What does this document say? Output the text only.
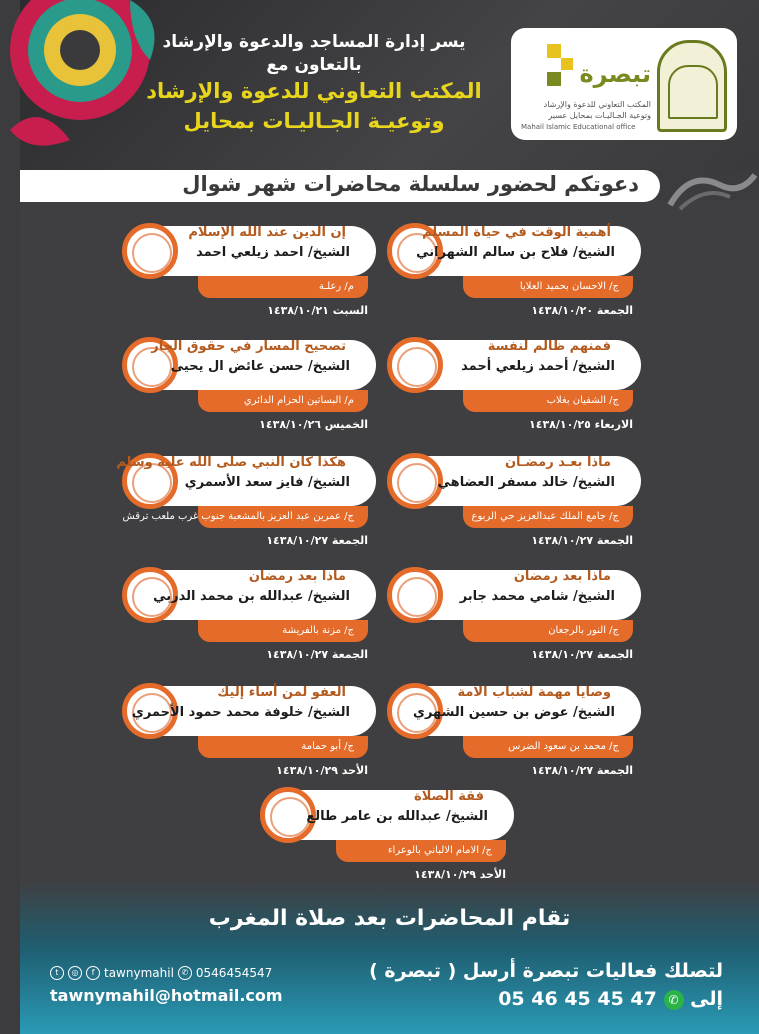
يسر إدارة المساجد والدعوة والإرشاد
بالتعاون مع
المكتب التعاوني للدعوة والإرشاد
وتوعيـة الجـاليـات بمحايل
تبصرة
المكتب التعاوني للدعوة والإرشاد
وتوعية الجـاليـات بمحايل عسير
Mahail Islamic Educational office
دعوتكم لحضور سلسلة محاضرات شهر شوال
ج/ الاحسان بحميد العلايا
أهمية الوقت في حياة المسلم
الشيخ/ فلاح بن سالم الشهراني
الجمعة ١٤٣٨/١٠/٢٠
م/ رعلـة
إن الدين عند الله الإسلام
الشيخ/ احمد زيلعي احمد
السبت ١٤٣٨/١٠/٢١
ج/ الشفيان بغلاب
فمنهم ظالم لنفسة
الشيخ/ أحمد زيلعي أحمد
الاربعاء ١٤٣٨/١٠/٢٥
م/ البساتين الحزام الدائري
تصحيح المسار في حقوق الجار
الشيخ/ حسن عائض ال يحيى
الخميس ١٤٣٨/١٠/٢٦
ج/ جامع الملك عبدالعزيز حي الربوع
ماذا بعـد رمضـان
الشيخ/ خالد مسفر العضاهي
الجمعة ١٤٣٨/١٠/٢٧
ج/ عمرين عبد العزيز بالمشعبة جنوب غرب ملعب ترقش
هكذا كان النبي صلى الله علية وسلم
الشيخ/ فايز سعد الأسمري
الجمعة ١٤٣٨/١٠/٢٧
ج/ النور بالرجعان
ماذا بعد رمضان
الشيخ/ شامي محمد جابر
الجمعة ١٤٣٨/١٠/٢٧
ج/ مزنة بالفريشة
ماذا بعد رمضان
الشيخ/ عبدالله بن محمد الدربي
الجمعة ١٤٣٨/١٠/٢٧
ج/ محمد بن سعود الضرس
وصايا مهمة لشباب الامة
الشيخ/ عوض بن حسين الشهري
الجمعة ١٤٣٨/١٠/٢٧
ج/ أبو حمامة
العفو لمن أساء إليك
الشيخ/ خلوفة محمد حمود الأحمري
الأحد ١٤٣٨/١٠/٢٩
ج/ الامام الالباني بالوعراء
فقة الصلاة
الشيخ/ عبدالله بن عامر طالع
الأحد ١٤٣٨/١٠/٢٩
تقام المحاضرات بعد صلاة المغرب
لتصلك فعاليات تبصرة أرسل ( تبصرة )
إلى ✆ 05 46 45 45 47
t	◎	f tawnymahil ✆ 0546454547
tawnymahil@hotmail.com
